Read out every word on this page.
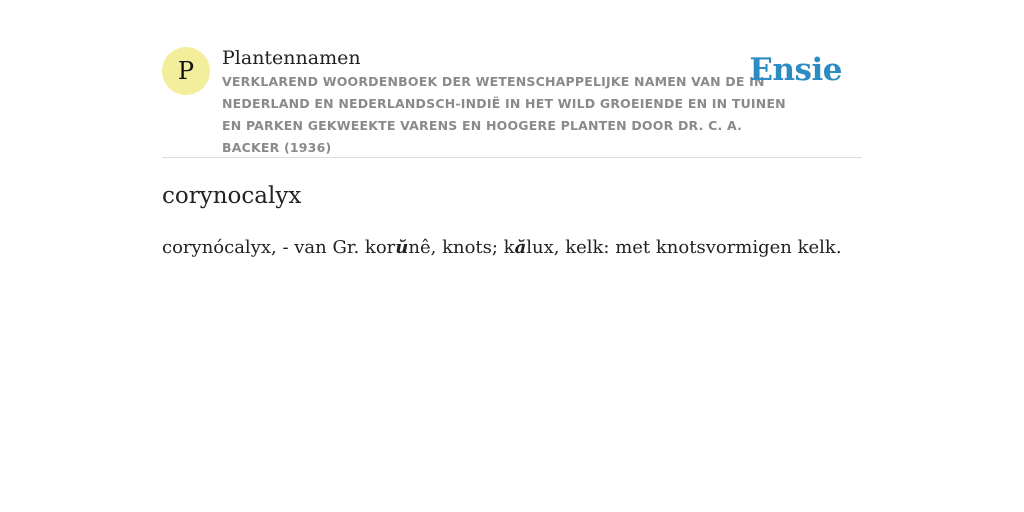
P Plantennamen
VERKLAREND WOORDENBOEK DER WETENSCHAPPELIJKE NAMEN VAN DE IN NEDERLAND EN NEDERLANDSCH-INDIË IN HET WILD GROEIENDE EN IN TUINEN EN PARKEN GEKWEEKTE VARENS EN HOOGERE PLANTEN DOOR DR. C. A. BACKER (1936)
Ensie
corynocalyx

corynócalyx, - van Gr. korŭnê, knots; kălux, kelk: met knotsvormigen kelk.
